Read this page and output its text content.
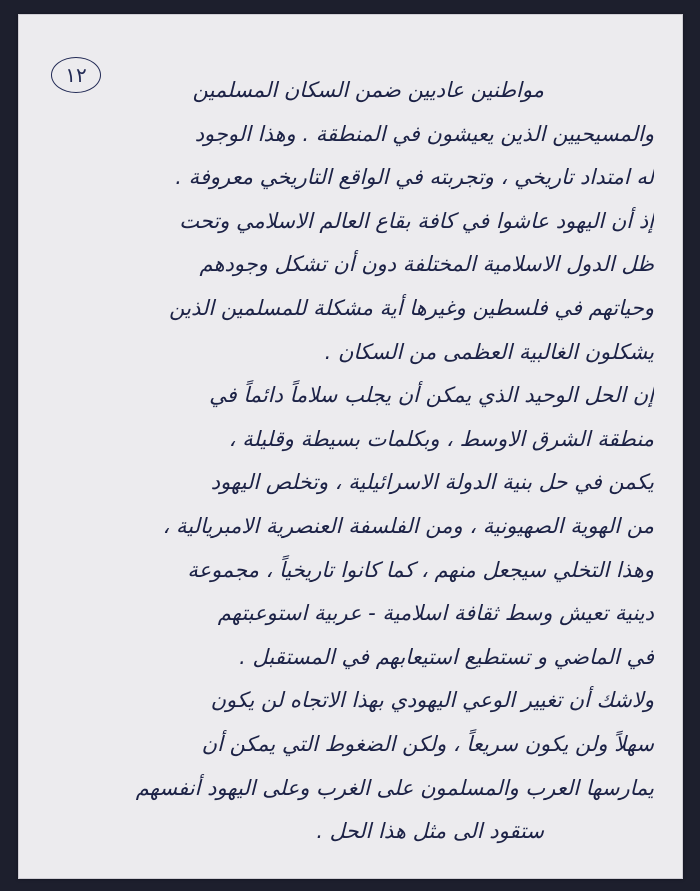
١٢
مواطنين عاديين ضمن السكان المسلمين
والمسيحيين الذين يعيشون في المنطقة . وهذا الوجود
له امتداد تاريخي ، وتجربته في الواقع التاريخي معروفة .
إذ أن اليهود عاشوا في كافة بقاع العالم الاسلامي وتحت
ظل الدول الاسلامية المختلفة دون أن تشكل وجودهم
وحياتهم في فلسطين وغيرها أية مشكلة للمسلمين الذين
يشكلون الغالبية العظمى من السكان .
إن الحل الوحيد الذي يمكن أن يجلب سلاماً دائماً في
منطقة الشرق الاوسط ، وبكلمات بسيطة وقليلة ،
يكمن في حل بنية الدولة الاسرائيلية ، وتخلص اليهود
من الهوية الصهيونية ، ومن الفلسفة العنصرية الامبريالية ،
وهذا التخلي سيجعل منهم ، كما كانوا تاريخياً ، مجموعة
دينية تعيش وسط ثقافة اسلامية - عربية استوعبتهم
في الماضي و تستطيع استيعابهم في المستقبل .
ولاشك أن تغيير الوعي اليهودي بهذا الاتجاه لن يكون
سهلاً ولن يكون سريعاً ، ولكن الضغوط التي يمكن أن
يمارسها العرب والمسلمون على الغرب وعلى اليهود أنفسهم
ستقود الى مثل هذا الحل .
